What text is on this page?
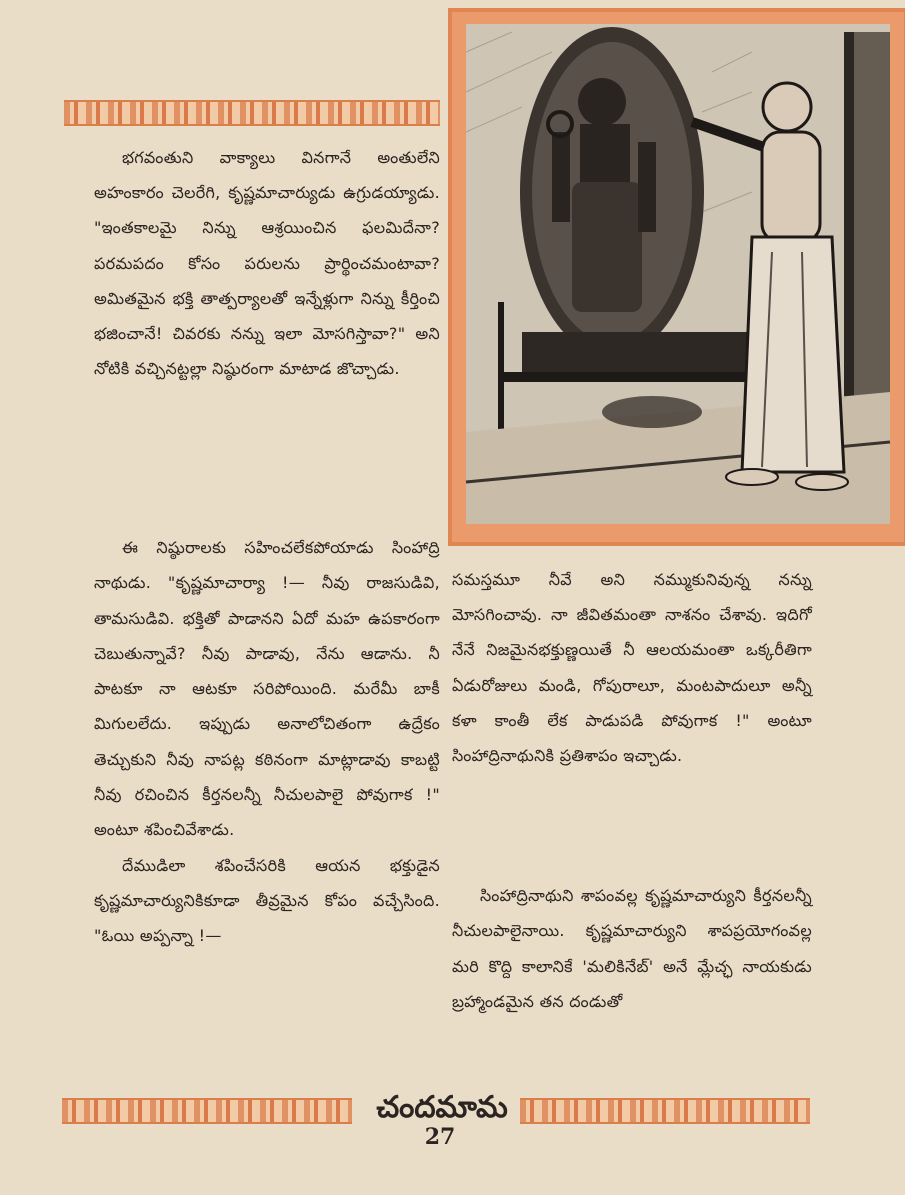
భగవంతుని వాక్యాలు వినగానే అంతులేని అహంకారం చెలరేగి, కృష్ణమాచార్యుడు ఉగ్రుడయ్యాడు. "ఇంతకాలమై నిన్ను ఆశ్రయించిన ఫలమిదేనా? పరమపదం కోసం పరులను ప్రార్థించమంటావా? అమితమైన భక్తి తాత్పర్యాలతో ఇన్నేళ్లుగా నిన్ను కీర్తించి భజించానే! చివరకు నన్ను ఇలా మోసగిస్తావా?" అని నోటికి వచ్చినట్టల్లా నిష్ఠురంగా మాటాడ జొచ్చాడు.

ఈ నిష్ఠురాలకు సహించలేకపోయాడు సింహాద్రి నాథుడు. "కృష్ణమాచార్యా !— నీవు రాజసుడివి, తామసుడివి. భక్తితో పాడానని ఏదో మహ ఉపకారంగా చెబుతున్నావే? నీవు పాడావు, నేను ఆడాను. నీ పాటకూ నా ఆటకూ సరిపోయింది. మరేమీ బాకీ మిగులలేదు. ఇప్పుడు అనాలోచితంగా ఉద్రేకం తెచ్చుకుని నీవు నాపట్ల కఠినంగా మాట్లాడావు కాబట్టి నీవు రచించిన కీర్తనలన్నీ నీచులపాలై పోవుగాక !" అంటూ శపించివేశాడు.

దేముడిలా శపించేసరికి ఆయన భక్తుడైన కృష్ణమాచార్యునికికూడా తీవ్రమైన కోపం వచ్చేసింది. "ఓయి అప్పన్నా !—

సమస్తమూ నీవే అని నమ్ముకునివున్న నన్ను మోసగించావు. నా జీవితమంతా నాశనం చేశావు. ఇదిగో నేనే నిజమైనభక్తుణ్ణయితే నీ ఆలయమంతా ఒక్కరీతిగా ఏడురోజులు మండి, గోపురాలూ, మంటపాదులూ అన్నీ కళా కాంతీ లేక పాడుపడి పోవుగాక !" అంటూ సింహాద్రినాథునికి ప్రతిశాపం ఇచ్చాడు.

సింహాద్రినాథుని శాపంవల్ల కృష్ణమాచార్యుని కీర్తనలన్నీ నీచులపాలైనాయి. కృష్ణమాచార్యుని శాపప్రయోగంవల్ల మరి కొద్ది కాలానికే 'మలికినేబ్' అనే మ్లేచ్ఛ నాయకుడు బ్రహ్మాండమైన తన దండుతో

చందమామ
27
